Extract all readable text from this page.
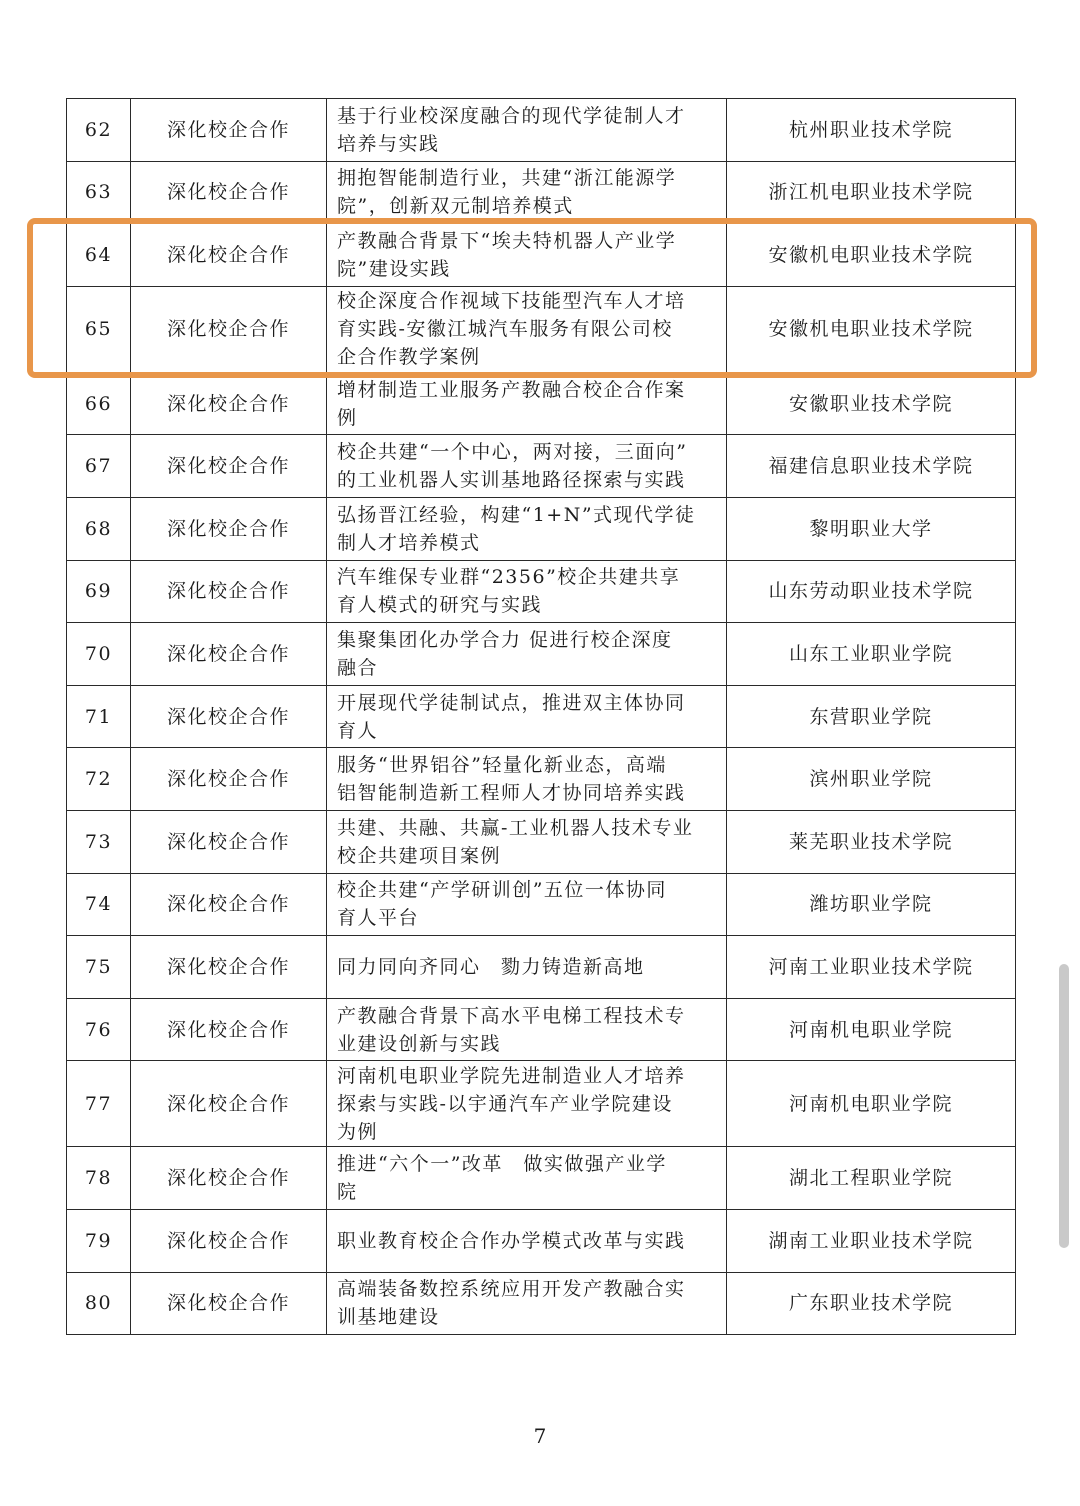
62	深化校企合作	基于行业校深度融合的现代学徒制人才
培养与实践	杭州职业技术学院
63	深化校企合作	拥抱智能制造行业，共建“浙江能源学
院”，创新双元制培养模式	浙江机电职业技术学院
64	深化校企合作	产教融合背景下“埃夫特机器人产业学
院”建设实践	安徽机电职业技术学院
65	深化校企合作	校企深度合作视域下技能型汽车人才培
育实践-安徽江城汽车服务有限公司校
企合作教学案例	安徽机电职业技术学院
66	深化校企合作	增材制造工业服务产教融合校企合作案
例	安徽职业技术学院
67	深化校企合作	校企共建“一个中心，两对接，三面向”
的工业机器人实训基地路径探索与实践	福建信息职业技术学院
68	深化校企合作	弘扬晋江经验，构建“1+N”式现代学徒
制人才培养模式	黎明职业大学
69	深化校企合作	汽车维保专业群“2356”校企共建共享
育人模式的研究与实践	山东劳动职业技术学院
70	深化校企合作	集聚集团化办学合力 促进行校企深度
融合	山东工业职业学院
71	深化校企合作	开展现代学徒制试点，推进双主体协同
育人	东营职业学院
72	深化校企合作	服务“世界铝谷”轻量化新业态，高端
铝智能制造新工程师人才协同培养实践	滨州职业学院
73	深化校企合作	共建、共融、共赢-工业机器人技术专业
校企共建项目案例	莱芜职业技术学院
74	深化校企合作	校企共建“产学研训创”五位一体协同
育人平台	潍坊职业学院
75	深化校企合作	同力同向齐同心　勠力铸造新高地	河南工业职业技术学院
76	深化校企合作	产教融合背景下高水平电梯工程技术专
业建设创新与实践	河南机电职业学院
77	深化校企合作	河南机电职业学院先进制造业人才培养
探索与实践-以宇通汽车产业学院建设
为例	河南机电职业学院
78	深化校企合作	推进“六个一”改革　做实做强产业学
院	湖北工程职业学院
79	深化校企合作	职业教育校企合作办学模式改革与实践	湖南工业职业技术学院
80	深化校企合作	高端装备数控系统应用开发产教融合实
训基地建设	广东职业技术学院
7
